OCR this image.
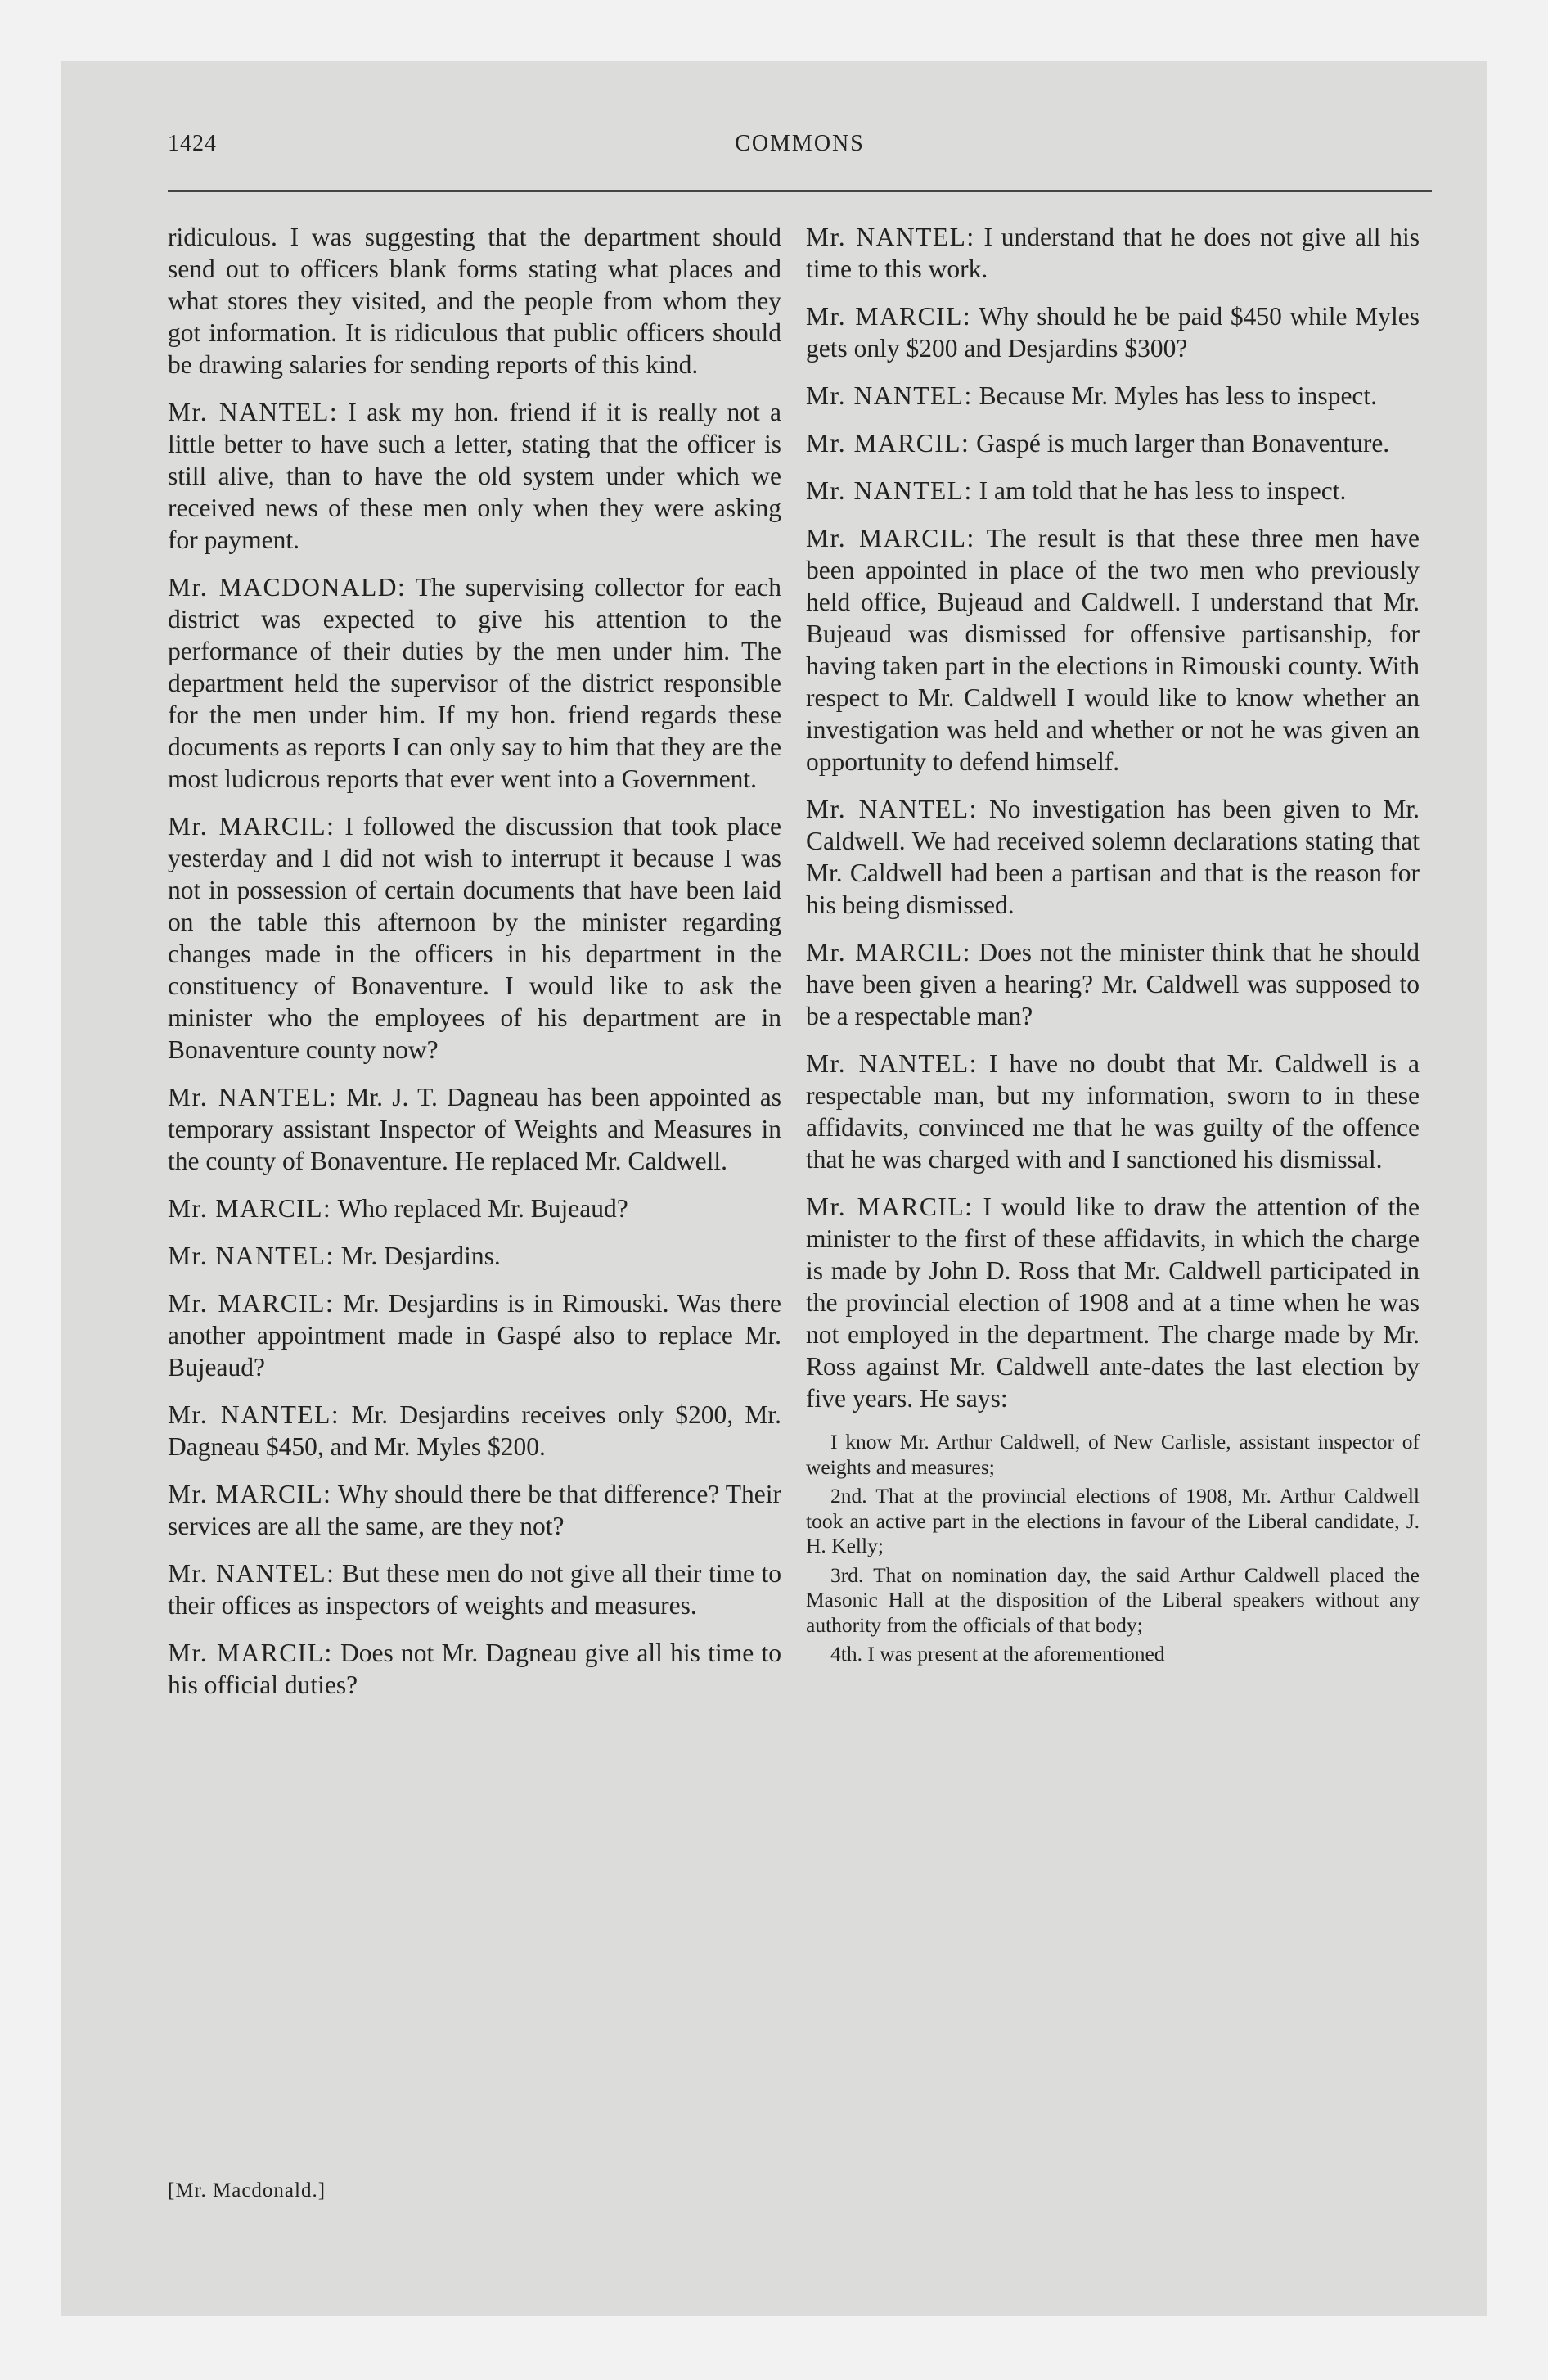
1424	COMMONS

ridiculous. I was suggesting that the department should send out to officers blank forms stating what places and what stores they visited, and the people from whom they got information. It is ridiculous that public officers should be drawing salaries for sending reports of this kind.

Mr. NANTEL: I ask my hon. friend if it is really not a little better to have such a letter, stating that the officer is still alive, than to have the old system under which we received news of these men only when they were asking for payment.

Mr. MACDONALD: The supervising collector for each district was expected to give his attention to the performance of their duties by the men under him. The department held the supervisor of the district responsible for the men under him. If my hon. friend regards these documents as reports I can only say to him that they are the most ludicrous reports that ever went into a Government.

Mr. MARCIL: I followed the discussion that took place yesterday and I did not wish to interrupt it because I was not in possession of certain documents that have been laid on the table this afternoon by the minister regarding changes made in the officers in his department in the constituency of Bonaventure. I would like to ask the minister who the employees of his department are in Bonaventure county now?

Mr. NANTEL: Mr. J. T. Dagneau has been appointed as temporary assistant Inspector of Weights and Measures in the county of Bonaventure. He replaced Mr. Caldwell.

Mr. MARCIL: Who replaced Mr. Bujeaud?

Mr. NANTEL: Mr. Desjardins.

Mr. MARCIL: Mr. Desjardins is in Rimouski. Was there another appointment made in Gaspé also to replace Mr. Bujeaud?

Mr. NANTEL: Mr. Desjardins receives only $200, Mr. Dagneau $450, and Mr. Myles $200.

Mr. MARCIL: Why should there be that difference? Their services are all the same, are they not?

Mr. NANTEL: But these men do not give all their time to their offices as inspectors of weights and measures.

Mr. MARCIL: Does not Mr. Dagneau give all his time to his official duties?

Mr. NANTEL: I understand that he does not give all his time to this work.

Mr. MARCIL: Why should he be paid $450 while Myles gets only $200 and Desjardins $300?

Mr. NANTEL: Because Mr. Myles has less to inspect.

Mr. MARCIL: Gaspé is much larger than Bonaventure.

Mr. NANTEL: I am told that he has less to inspect.

Mr. MARCIL: The result is that these three men have been appointed in place of the two men who previously held office, Bujeaud and Caldwell. I understand that Mr. Bujeaud was dismissed for offensive partisanship, for having taken part in the elections in Rimouski county. With respect to Mr. Caldwell I would like to know whether an investigation was held and whether or not he was given an opportunity to defend himself.

Mr. NANTEL: No investigation has been given to Mr. Caldwell. We had received solemn declarations stating that Mr. Caldwell had been a partisan and that is the reason for his being dismissed.

Mr. MARCIL: Does not the minister think that he should have been given a hearing? Mr. Caldwell was supposed to be a respectable man?

Mr. NANTEL: I have no doubt that Mr. Caldwell is a respectable man, but my information, sworn to in these affidavits, convinced me that he was guilty of the offence that he was charged with and I sanctioned his dismissal.

Mr. MARCIL: I would like to draw the attention of the minister to the first of these affidavits, in which the charge is made by John D. Ross that Mr. Caldwell participated in the provincial election of 1908 and at a time when he was not employed in the department. The charge made by Mr. Ross against Mr. Caldwell ante-dates the last election by five years. He says:

I know Mr. Arthur Caldwell, of New Carlisle, assistant inspector of weights and measures;
2nd. That at the provincial elections of 1908, Mr. Arthur Caldwell took an active part in the elections in favour of the Liberal candidate, J. H. Kelly;
3rd. That on nomination day, the said Arthur Caldwell placed the Masonic Hall at the disposition of the Liberal speakers without any authority from the officials of that body;
4th. I was present at the aforementioned
[Mr. Macdonald.]
